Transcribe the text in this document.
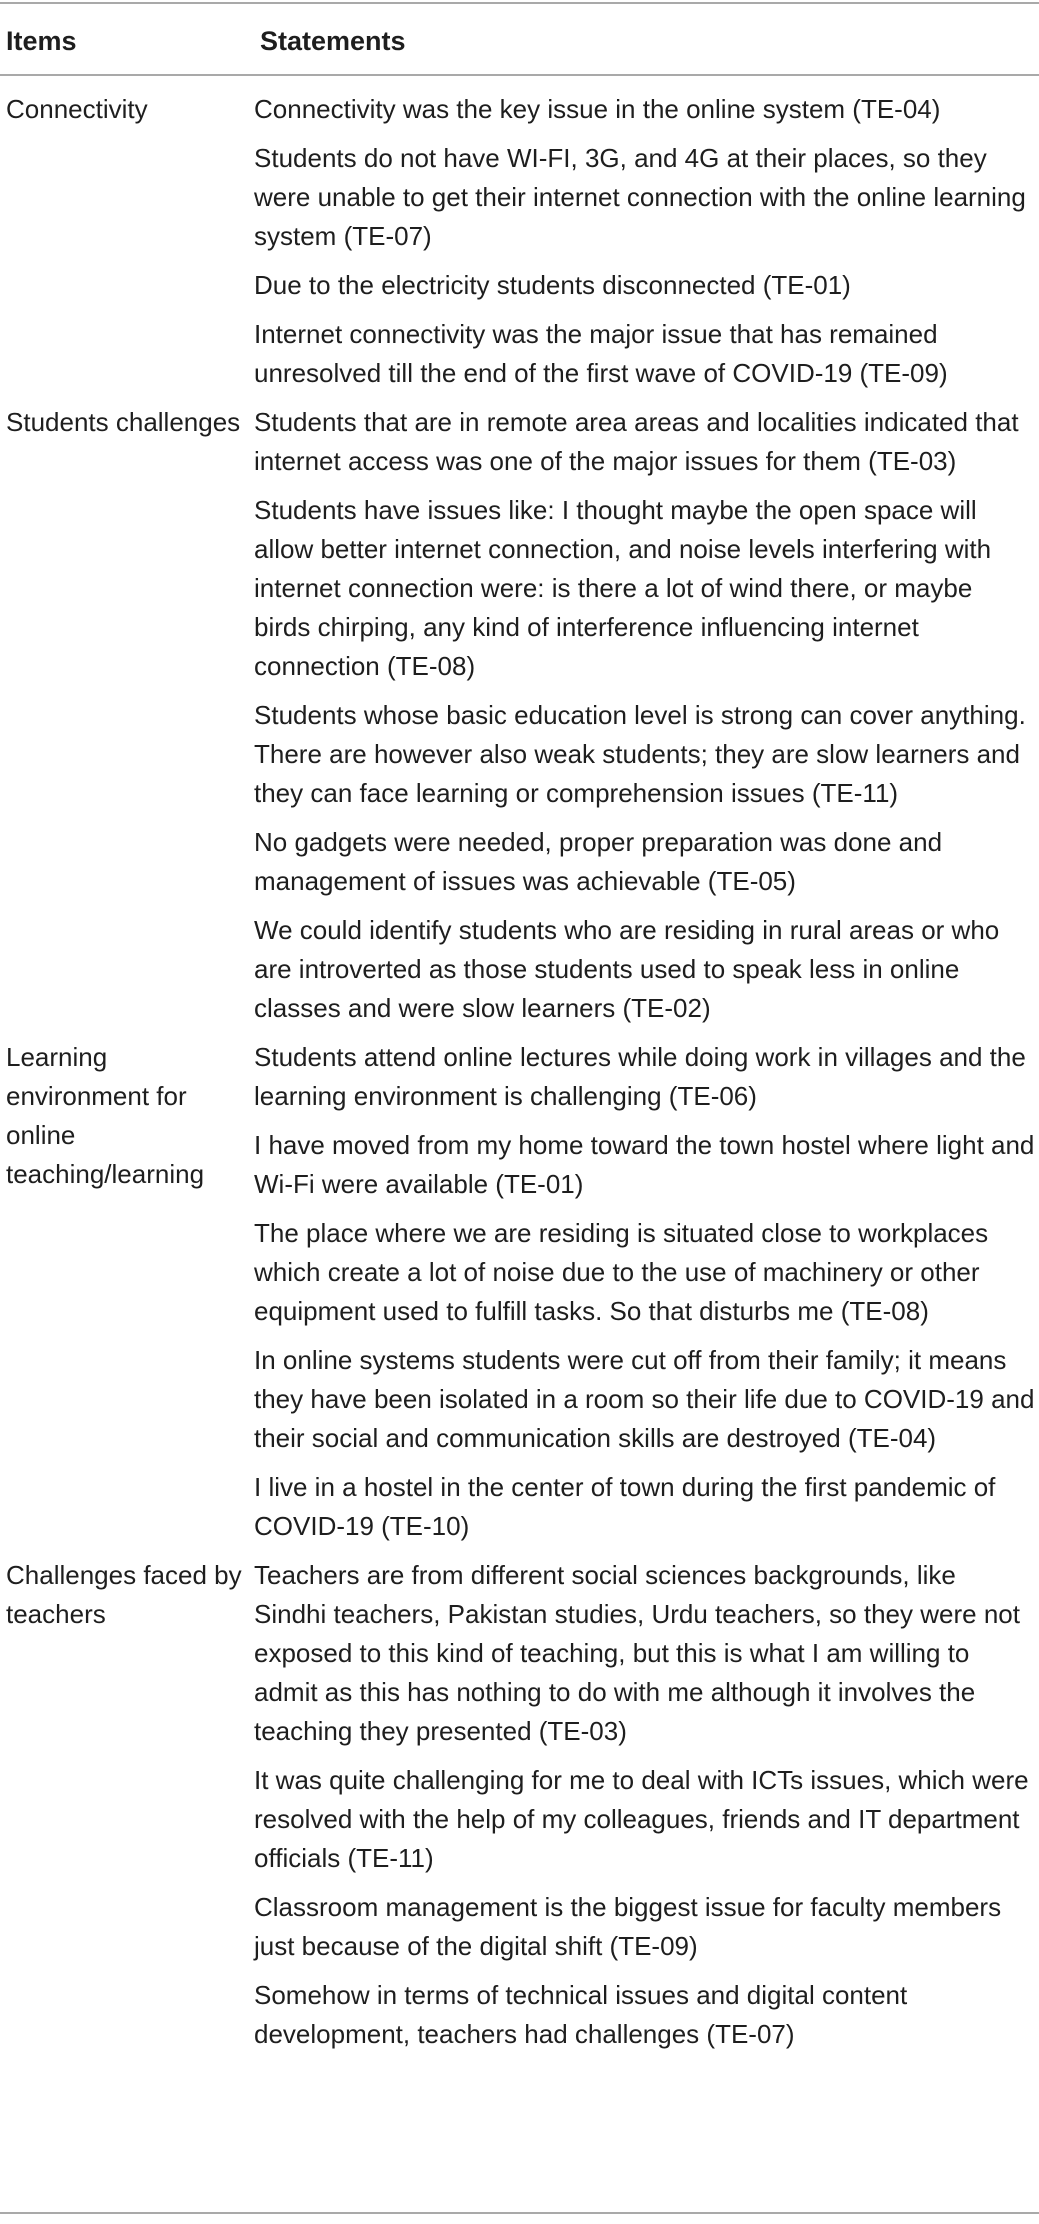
Items	Statements
Connectivity	Connectivity was the key issue in the online system (TE-04)
Students do not have WI-FI, 3G, and 4G at their places, so they were unable to get their internet connection with the online learning system (TE-07)
Due to the electricity students disconnected (TE-01)
Internet connectivity was the major issue that has remained unresolved till the end of the first wave of COVID-19 (TE-09)
Students challenges Students that are in remote area areas and localities indicated that internet access was one of the major issues for them (TE-03)
Students have issues like: I thought maybe the open space will allow better internet connection, and noise levels interfering with internet connection were: is there a lot of wind there, or maybe birds chirping, any kind of interference influencing internet connection (TE-08)
Students whose basic education level is strong can cover anything. There are however also weak students; they are slow learners and they can face learning or comprehension issues (TE-11)
No gadgets were needed, proper preparation was done and management of issues was achievable (TE-05)
We could identify students who are residing in rural areas or who are introverted as those students used to speak less in online classes and were slow learners (TE-02)
Learning environment for online teaching/learning
Students attend online lectures while doing work in villages and the learning environment is challenging (TE-06)
I have moved from my home toward the town hostel where light and Wi-Fi were available (TE-01)
The place where we are residing is situated close to workplaces which create a lot of noise due to the use of machinery or other equipment used to fulfill tasks. So that disturbs me (TE-08)
In online systems students were cut off from their family; it means they have been isolated in a room so their life due to COVID-19 and their social and communication skills are destroyed (TE-04)
I live in a hostel in the center of town during the first pandemic of COVID-19 (TE-10)
Challenges faced by teachers
Teachers are from different social sciences backgrounds, like Sindhi teachers, Pakistan studies, Urdu teachers, so they were not exposed to this kind of teaching, but this is what I am willing to admit as this has nothing to do with me although it involves the teaching they presented (TE-03)
It was quite challenging for me to deal with ICTs issues, which were resolved with the help of my colleagues, friends and IT department officials (TE-11)
Classroom management is the biggest issue for faculty members just because of the digital shift (TE-09)
Somehow in terms of technical issues and digital content development, teachers had challenges (TE-07)
